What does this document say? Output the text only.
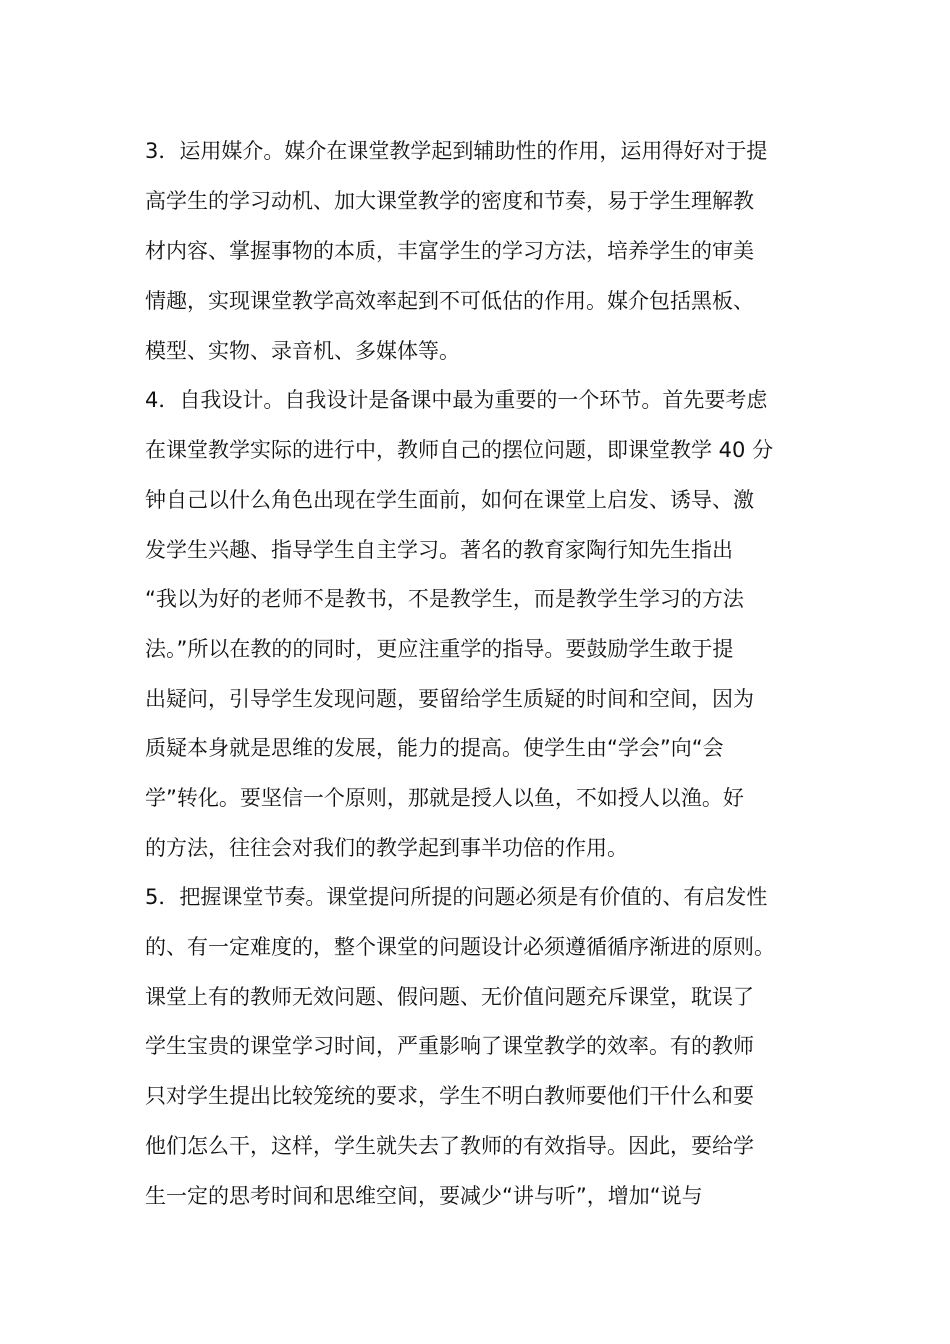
3．运用媒介。媒介在课堂教学起到辅助性的作用，运用得好对于提
高学生的学习动机、加大课堂教学的密度和节奏，易于学生理解教
材内容、掌握事物的本质，丰富学生的学习方法，培养学生的审美
情趣，实现课堂教学高效率起到不可低估的作用。媒介包括黑板、
模型、实物、录音机、多媒体等。
4．自我设计。自我设计是备课中最为重要的一个环节。首先要考虑
在课堂教学实际的进行中，教师自己的摆位问题，即课堂教学 40 分
钟自己以什么角色出现在学生面前，如何在课堂上启发、诱导、激
发学生兴趣、指导学生自主学习。著名的教育家陶行知先生指出
“我以为好的老师不是教书，不是教学生，而是教学生学习的方法
法。”所以在教的的同时，更应注重学的指导。要鼓励学生敢于提
出疑问，引导学生发现问题，要留给学生质疑的时间和空间，因为
质疑本身就是思维的发展，能力的提高。使学生由“学会”向“会
学”转化。要坚信一个原则，那就是授人以鱼，不如授人以渔。好
的方法，往往会对我们的教学起到事半功倍的作用。
5．把握课堂节奏。课堂提问所提的问题必须是有价值的、有启发性
的、有一定难度的，整个课堂的问题设计必须遵循循序渐进的原则。
课堂上有的教师无效问题、假问题、无价值问题充斥课堂，耽误了
学生宝贵的课堂学习时间，严重影响了课堂教学的效率。有的教师
只对学生提出比较笼统的要求，学生不明白教师要他们干什么和要
他们怎么干，这样，学生就失去了教师的有效指导。因此，要给学
生一定的思考时间和思维空间，要减少“讲与听”，增加“说与
